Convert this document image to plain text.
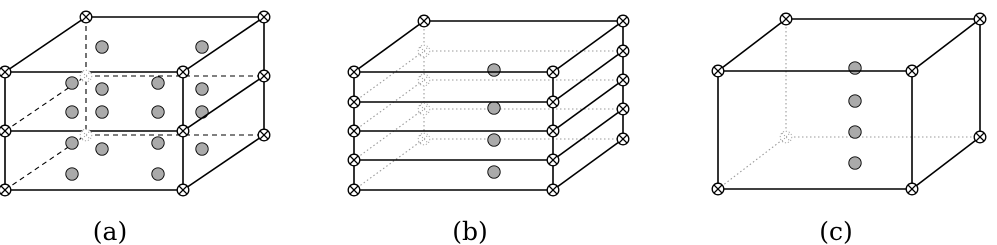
(a)	(b)	(c)
